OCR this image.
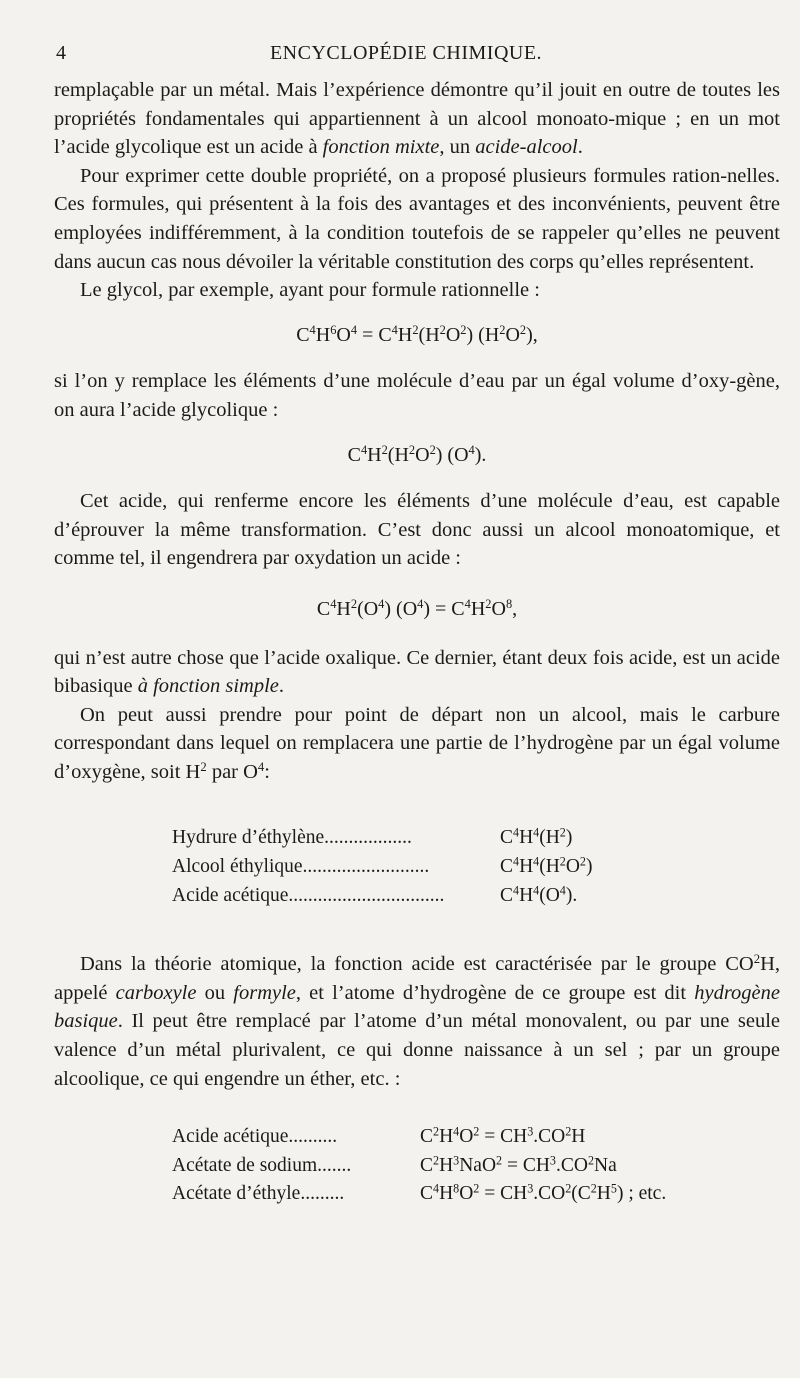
4	ENCYCLOPÉDIE CHIMIQUE.

remplaçable par un métal. Mais l’expérience démontre qu’il jouit en outre de toutes les propriétés fondamentales qui appartiennent à un alcool monoato-mique ; en un mot l’acide glycolique est un acide à fonction mixte, un acide-alcool.

Pour exprimer cette double propriété, on a proposé plusieurs formules ration-nelles. Ces formules, qui présentent à la fois des avantages et des inconvénients, peuvent être employées indifféremment, à la condition toutefois de se rappeler qu’elles ne peuvent dans aucun cas nous dévoiler la véritable constitution des corps qu’elles représentent.

Le glycol, par exemple, ayant pour formule rationnelle :

$C^4H^6O^4 = C^4H^2(H^2O^2)$ $(H^2O^2)$,

si l’on y remplace les éléments d’une molécule d’eau par un égal volume d’oxy-gène, on aura l’acide glycolique :

$C^4H^2(H^2O^2)$ $(O^4)$.

Cet acide, qui renferme encore les éléments d’une molécule d’eau, est capable d’éprouver la même transformation. C’est donc aussi un alcool monoatomique, et comme tel, il engendrera par oxydation un acide :

$C^4H^2(O^4) (O^4) = C^4H^2O^8$,

qui n’est autre chose que l’acide oxalique. Ce dernier, étant deux fois acide, est un acide bibasique à fonction simple.

On peut aussi prendre pour point de départ non un alcool, mais le carbure correspondant dans lequel on remplacera une partie de l’hydrogène par un égal volume d’oxygène, soit $H^2$ par $O^4$:

Hydrure d’éthylène..................	$C^4H^4(H^2)$
Alcool éthylique..........................	$C^4H^4(H^2O^2)$
Acide acétique................................	$C^4H^4(O^4)$.

Dans la théorie atomique, la fonction acide est caractérisée par le groupe $CO^2H$, appelé carboxyle ou formyle, et l’atome d’hydrogène de ce groupe est dit hydrogène basique. Il peut être remplacé par l’atome d’un métal monovalent, ou par une seule valence d’un métal plurivalent, ce qui donne naissance à un sel ; par un groupe alcoolique, ce qui engendre un éther, etc. :

Acide acétique..........	$C^2H^4O^2 = CH^3.CO^2H$
Acétate de sodium.......	$C^2H^3NaO^2 = CH^3.CO^2Na$
Acétate d’éthyle.........	$C^4H^8O^2 = CH^3.CO^2(C^2H^5)$ ; etc.
